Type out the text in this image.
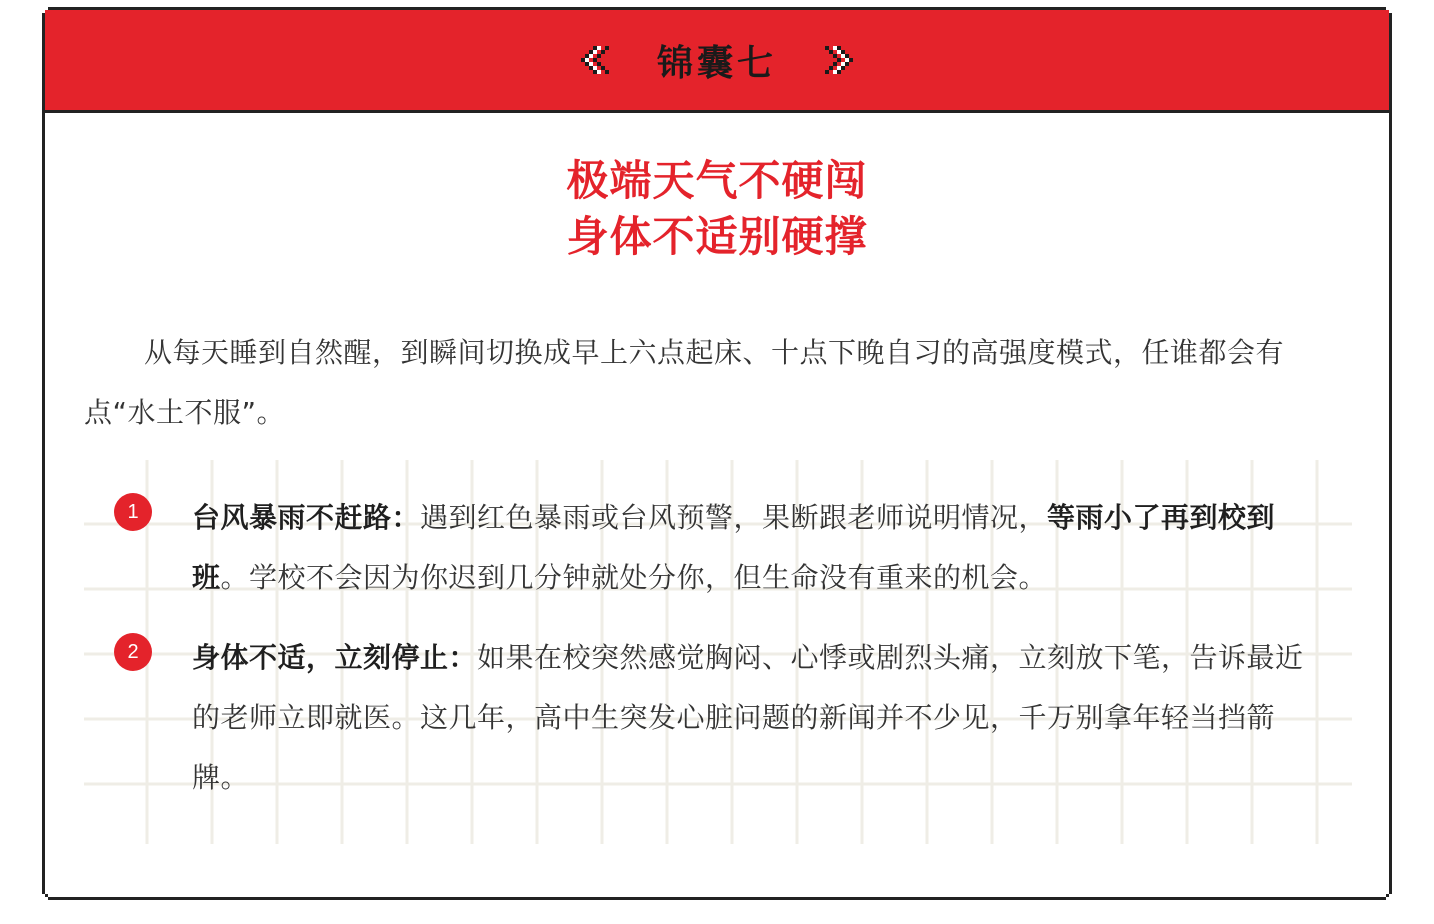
锦囊七
极端天气不硬闯
身体不适别硬撑
从每天睡到自然醒，到瞬间切换成早上六点起床、十点下晚自习的高强度模式，任谁都会有点“水土不服”。
1	台风暴雨不赶路：遇到红色暴雨或台风预警，果断跟老师说明情况，等雨小了再到校到班。学校不会因为你迟到几分钟就处分你，但生命没有重来的机会。
2	身体不适，立刻停止：如果在校突然感觉胸闷、心悸或剧烈头痛，立刻放下笔，告诉最近的老师立即就医。这几年，高中生突发心脏问题的新闻并不少见，千万别拿年轻当挡箭牌。
